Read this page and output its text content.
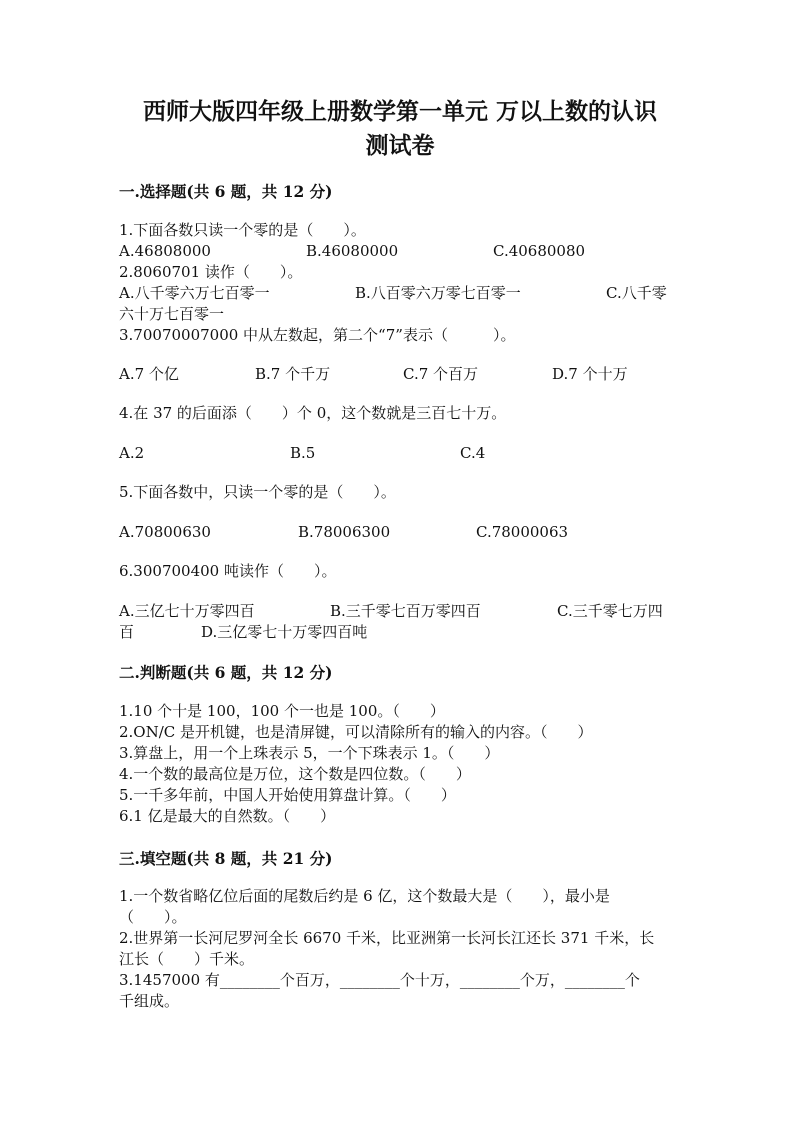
西师大版四年级上册数学第一单元 万以上数的认识
测试卷
一.选择题(共 6 题，共 12 分)
1.下面各数只读一个零的是（　　）。
A.46808000	B.46080000	C.40680080
2.8060701 读作（　　）。
A.八千零六万七百零一	B.八百零六万零七百零一	C.八千零
六十万七百零一
3.70070007000 中从左数起，第二个“7”表示（　　　）。
A.7 个亿	B.7 个千万	C.7 个百万	D.7 个十万
4.在 37 的后面添（　　）个 0，这个数就是三百七十万。
A.2	B.5	C.4
5.下面各数中，只读一个零的是（　　）。
A.70800630	B.78006300	C.78000063
6.300700400 吨读作（　　）。
A.三亿七十万零四百	B.三千零七百万零四百	C.三千零七万四
百	D.三亿零七十万零四百吨
二.判断题(共 6 题，共 12 分)
1.10 个十是 100，100 个一也是 100。（　　）
2.ON/C 是开机键，也是清屏键，可以清除所有的输入的内容。（　　）
3.算盘上，用一个上珠表示 5，一个下珠表示 1。（　　）
4.一个数的最高位是万位，这个数是四位数。（　　）
5.一千多年前，中国人开始使用算盘计算。（　　）
6.1 亿是最大的自然数。（　　）
三.填空题(共 8 题，共 21 分)
1.一个数省略亿位后面的尾数后约是 6 亿，这个数最大是（　　），最小是
（　　）。
2.世界第一长河尼罗河全长 6670 千米，比亚洲第一长河长江还长 371 千米，长
江长（　　）千米。
3.1457000 有________个百万，________个十万，________个万，________个
千组成。
